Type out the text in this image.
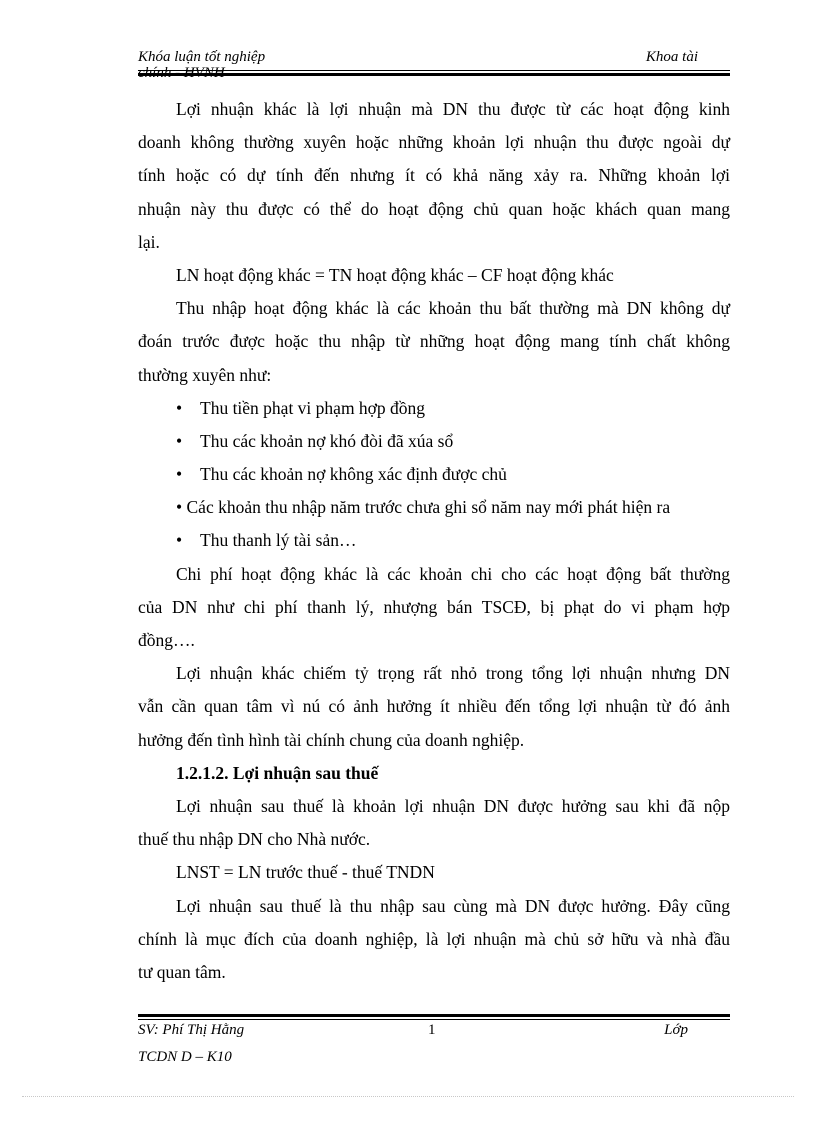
Khóa luận tốt nghiệp
chính - HVNH
Khoa tài
Lợi nhuận khác là lợi nhuận mà DN thu được từ các hoạt động kinh
doanh không thường xuyên hoặc những khoản lợi nhuận thu được ngoài dự
tính hoặc có dự tính đến nhưng ít có khả năng xảy ra. Những khoản lợi
nhuận này thu được có thể do hoạt động chủ quan hoặc khách quan mang
lại.
LN hoạt động khác = TN hoạt động khác – CF hoạt động khác
Thu nhập hoạt động khác là các khoản thu bất thường mà DN không dự
đoán trước được hoặc thu nhập từ những hoạt động mang tính chất không
thường xuyên như:
• Thu tiền phạt vi phạm hợp đồng
• Thu các khoản nợ khó đòi đã xúa sổ
• Thu các khoản nợ không xác định được chủ
• Các khoản thu nhập năm trước chưa ghi sổ năm nay mới phát hiện ra
• Thu thanh lý tài sản…
Chi phí hoạt động khác là các khoản chi cho các hoạt động bất thường
của DN như chi phí thanh lý, nhượng bán TSCĐ, bị phạt do vi phạm hợp
đồng….
Lợi nhuận khác chiếm tỷ trọng rất nhỏ trong tổng lợi nhuận nhưng DN
vẫn cần quan tâm vì nú có ảnh hưởng ít nhiều đến tổng lợi nhuận từ đó ảnh
hưởng đến tình hình tài chính chung của doanh nghiệp.
1.2.1.2. Lợi nhuận sau thuế
Lợi nhuận sau thuế là khoản lợi nhuận DN được hưởng sau khi đã nộp
thuế thu nhập DN cho Nhà nước.
LNST = LN trước thuế - thuế TNDN
Lợi nhuận sau thuế là thu nhập sau cùng mà DN được hưởng. Đây cũng
chính là mục đích của doanh nghiệp, là lợi nhuận mà chủ sở hữu và nhà đầu
tư quan tâm.
SV: Phí Thị Hằng	1	Lớp
TCDN D – K10
